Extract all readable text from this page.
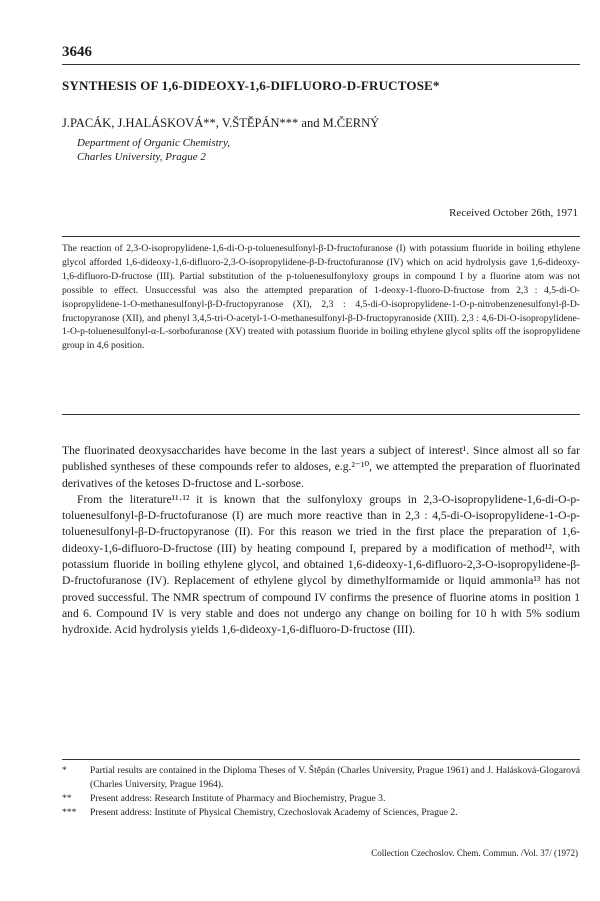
3646
SYNTHESIS OF 1,6-DIDEOXY-1,6-DIFLUORO-D-FRUCTOSE*
J.PACÁK, J.HALÁSKOVÁ**, V.ŠTĚPÁN*** and M.ČERNÝ
Department of Organic Chemistry,
Charles University, Prague 2
Received October 26th, 1971

The reaction of 2,3-O-isopropylidene-1,6-di-O-p-toluenesulfonyl-β-D-fructofuranose (I) with potassium fluoride in boiling ethylene glycol afforded 1,6-dideoxy-1,6-difluoro-2,3-O-isopropylidene-β-D-fructofuranose (IV) which on acid hydrolysis gave 1,6-dideoxy-1,6-difluoro-D-fructose (III). Partial substitution of the p-toluenesulfonyloxy groups in compound I by a fluorine atom was not possible to effect. Unsuccessful was also the attempted preparation of 1-deoxy-1-fluoro-D-fructose from 2,3 : 4,5-di-O-isopropylidene-1-O-methanesulfonyl-β-D-fructopyranose (XI), 2,3 : 4,5-di-O-isopropylidene-1-O-p-nitrobenzenesulfonyl-β-D-fructopyranose (XII), and phenyl 3,4,5-tri-O-acetyl-1-O-methanesulfonyl-β-D-fructopyranoside (XIII). 2,3 : 4,6-Di-O-isopropylidene-1-O-p-toluenesulfonyl-α-L-sorbofuranose (XV) treated with potassium fluoride in boiling ethylene glycol splits off the isopropylidene group in 4,6 position.

The fluorinated deoxysaccharides have become in the last years a subject of interest¹. Since almost all so far published syntheses of these compounds refer to aldoses, e.g.²⁻¹⁰, we attempted the preparation of fluorinated derivatives of the ketoses D-fructose and L-sorbose.

From the literature¹¹·¹² it is known that the sulfonyloxy groups in 2,3-O-isopropylidene-1,6-di-O-p-toluenesulfonyl-β-D-fructofuranose (I) are much more reactive than in 2,3 : 4,5-di-O-isopropylidene-1-O-p-toluenesulfonyl-β-D-fructopyranose (II). For this reason we tried in the first place the preparation of 1,6-dideoxy-1,6-difluoro-D-fructose (III) by heating compound I, prepared by a modification of method¹², with potassium fluoride in boiling ethylene glycol, and obtained 1,6-dideoxy-1,6-difluoro-2,3-O-isopropylidene-β-D-fructofuranose (IV). Replacement of ethylene glycol by dimethylformamide or liquid ammonia¹³ has not proved successful. The NMR spectrum of compound IV confirms the presence of fluorine atoms in position 1 and 6. Compound IV is very stable and does not undergo any change on boiling for 10 h with 5% sodium hydroxide. Acid hydrolysis yields 1,6-dideoxy-1,6-difluoro-D-fructose (III).

* Partial results are contained in the Diploma Theses of V. Štěpán (Charles University, Prague 1961) and J. Halásková-Glogarová (Charles University, Prague 1964).

** Present address: Research Institute of Pharmacy and Biochemistry, Prague 3.

*** Present address: Institute of Physical Chemistry, Czechoslovak Academy of Sciences, Prague 2.

Collection Czechoslov. Chem. Commun. /Vol. 37/ (1972)
